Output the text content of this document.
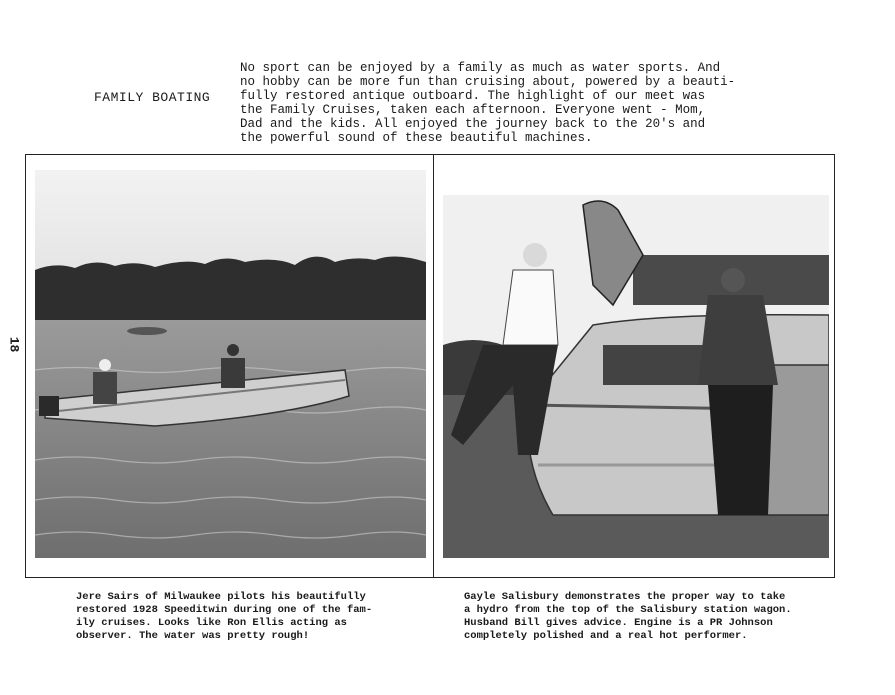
FAMILY BOATING
No sport can be enjoyed by a family as much as water sports. And
no hobby can be more fun than cruising about, powered by a beauti-
fully restored antique outboard. The highlight of our meet was
the Family Cruises, taken each afternoon. Everyone went - Mom,
Dad and the kids. All enjoyed the journey back to the 20's and
the powerful sound of these beautiful machines.
18
Jere Sairs of Milwaukee pilots his beautifully
restored 1928 Speeditwin during one of the fam-
ily cruises. Looks like Ron Ellis acting as
observer. The water was pretty rough!
Gayle Salisbury demonstrates the proper way to take
a hydro from the top of the Salisbury station wagon.
Husband Bill gives advice. Engine is a PR Johnson
completely polished and a real hot performer.
